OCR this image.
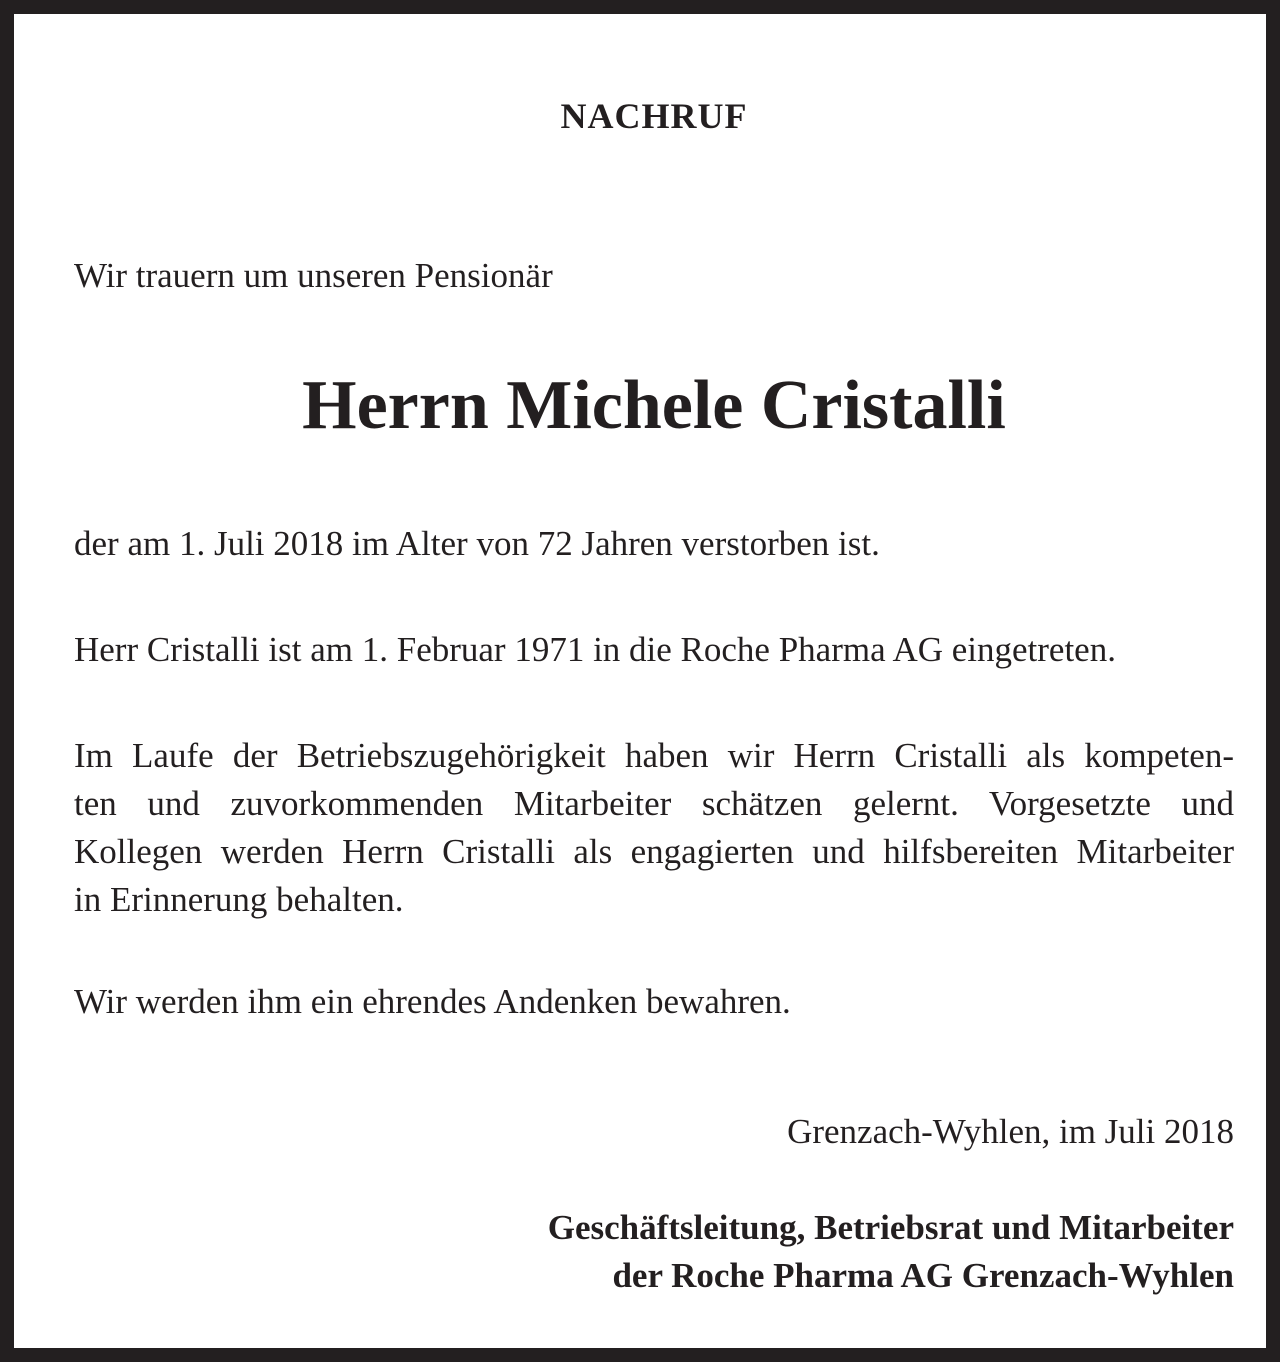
NACHRUF
Wir trauern um unseren Pensionär
Herrn Michele Cristalli
der am 1. Juli 2018 im Alter von 72 Jahren verstorben ist.
Herr Cristalli ist am 1. Februar 1971 in die Roche Pharma AG eingetreten.
Im Laufe der Betriebszugehörigkeit haben wir Herrn Cristalli als kompeten-
ten und zuvorkommenden Mitarbeiter schätzen gelernt. Vorgesetzte und
Kollegen werden Herrn Cristalli als engagierten und hilfsbereiten Mitarbeiter
in Erinnerung behalten.
Wir werden ihm ein ehrendes Andenken bewahren.
Grenzach-Wyhlen, im Juli 2018
Geschäftsleitung, Betriebsrat und Mitarbeiter
der Roche Pharma AG Grenzach-Wyhlen
